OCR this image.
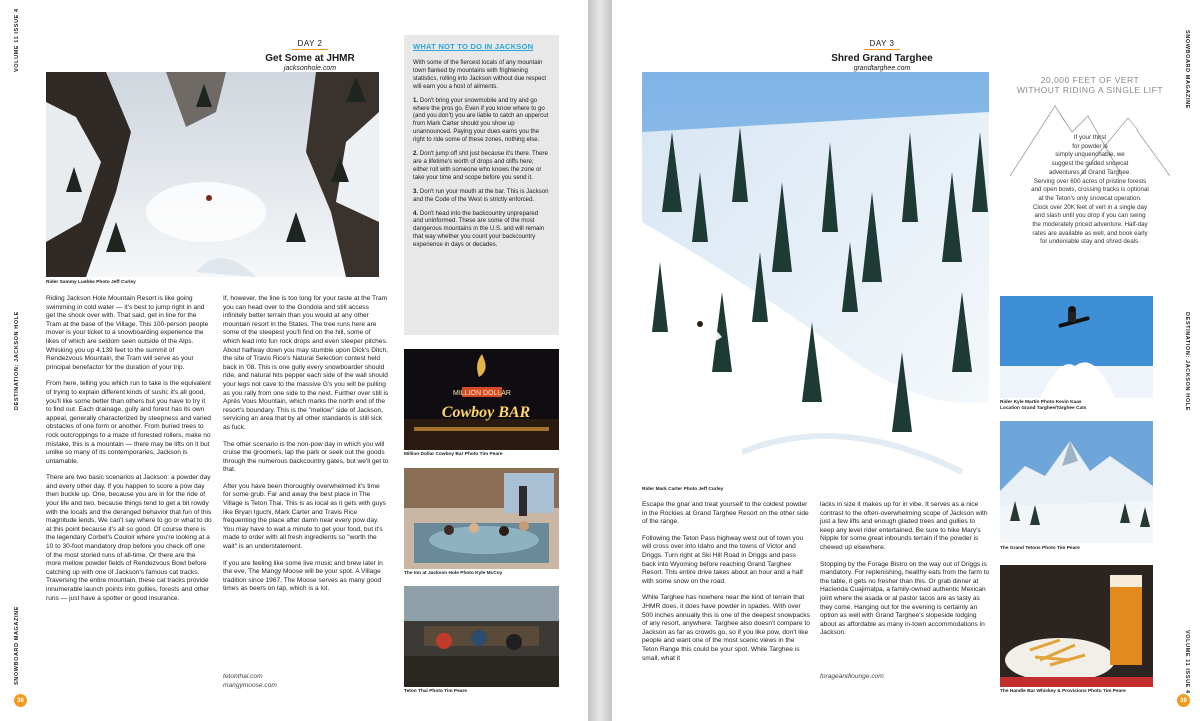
VOLUME 11 ISSUE 4
DESTINATION: JACKSON HOLE
SNOWBOARD MAGAZINE
38
DAY 2
Get Some at JHMR
jacksonhole.com
Rider Sammy Luebke Photo Jeff Curley

Riding Jackson Hole Mountain Resort is like going swimming in cold water — it's best to jump right in and get the shock over with. That said, get in line for the Tram at the base of the Village. This 100-person people mover is your ticket to a snowboarding experience the likes of which are seldom seen outside of the Alps. Whisking you up 4,139 feet to the summit of Rendezvous Mountain, the Tram will serve as your principal benefactor for the duration of your trip.

From here, telling you which run to take is the equivalent of trying to explain different kinds of sushi; it's all good, you'll like some better than others but you have to try it to find out. Each drainage, gully and forest has its own appeal, generally characterized by steepness and varied obstacles of one form or another. From buried trees to rock outcroppings to a maze of forested rollers, make no mistake, this is a mountain — there may be lifts on it but unlike so many of its contemporaries, Jackson is untamable.

There are two basic scenarios at Jackson: a powder day and every other day. If you happen to score a pow day then buckle up. One, because you are in for the ride of your life and two, because things tend to get a bit rowdy with the locals and the deranged behavior that fun of this magnitude lends. We can't say where to go or what to do at this point because it's all so good. Of course there is the legendary Corbet's Couloir where you're looking at a 10 to 30-foot mandatory drop before you check off one of the most storied runs of all-time. Or there are the more mellow powder fields of Rendezvous Bowl before catching up with one of Jackson's famous cat tracks. Traversing the entire mountain, these cat tracks provide innumerable launch points into gullies, forests and other runs — just have a spotter or good insurance.

If, however, the line is too long for your taste at the Tram you can head over to the Gondola and still access infinitely better terrain than you would at any other mountain resort in the States. The tree runs here are some of the steepest you'll find on the hill, some of which lead into fun rock drops and even steeper pitches. About halfway down you may stumble upon Dick's Ditch, the site of Travis Rice's Natural Selection contest held back in '08. This is one gully every snowboarder should ride, and natural hits pepper each side of the wall should your legs not cave to the massive G's you will be pulling as you rally from one side to the next. Further over still is Après Vous Mountain, which marks the north end of the resort's boundary. This is the "mellow" side of Jackson, servicing an area that by all other standards is still sick as fuck.

The other scenario is the non-pow day in which you will cruise the groomers, lap the park or seek out the goods through the numerous backcountry gates, but we'll get to that.

After you have been thoroughly overwhelmed it's time for some grub. Far and away the best place in The Village is Teton Thai. This is as local as it gets with guys like Bryan Iguchi, Mark Carter and Travis Rice frequenting the place after damn near every pow day. You may have to wait a minute to get your food, but it's made to order with all fresh ingredients so "worth the wait" is an understatement.

If you are feeling like some live music and brew later in the eve, The Mangy Moose will be your spot. A Village tradition since 1967, The Moose serves as many good times as beers on tap, which is a lot.

tetonthai.com
mangymoose.com
WHAT NOT TO DO IN JACKSON

With some of the fiercest locals of any mountain town flanked by mountains with frightening statistics, rolling into Jackson without due respect will earn you a host of ailments.

1. Don't bring your snowmobile and try and go where the pros go. Even if you know where to go (and you don't) you are liable to catch an uppercut from Mark Carter should you show up unannounced. Paying your dues earns you the right to ride some of these zones, nothing else.

2. Don't jump off shit just because it's there. There are a lifetime's worth of drops and cliffs here; either roll with someone who knows the zone or take your time and scope before you send it.

3. Don't run your mouth at the bar. This is Jackson and the Code of the West is strictly enforced.

4. Don't head into the backcountry unprepared and uninformed. These are some of the most dangerous mountains in the U.S. and will remain that way whether you count your backcountry experience in days or decades.

MILLION DOLLAR
Cowboy BAR
Million Dollar Cowboy Bar Photo Tim Peare
The Inn at Jackson Hole Photo Kyle McCoy
Teton Thai Photo Tim Peare
SNOWBOARD MAGAZINE
DESTINATION: JACKSON HOLE
VOLUME 11 ISSUE 4
39
DAY 3
Shred Grand Targhee
grandtarghee.com
Rider Mark Carter Photo Jeff Curley

Escape the gnar and treat yourself to the coldest powder in the Rockies at Grand Targhee Resort on the other side of the range.

Following the Teton Pass highway west out of town you will cross over into Idaho and the towns of Victor and Driggs. Turn right at Ski Hill Road in Driggs and pass back into Wyoming before reaching Grand Targhee Resort. This entire drive takes about an hour and a half with some snow on the road.

While Targhee has nowhere near the kind of terrain that JHMR does, it does have powder in spades. With over 500 inches annually this is one of the deepest snowpacks of any resort, anywhere. Targhee also doesn't compare to Jackson as far as crowds go, so if you like pow, don't like people and want one of the most scenic views in the Teton Range this could be your spot. While Targhee is small, what it

lacks in size it makes up for in vibe. It serves as a nice contrast to the often-overwhelming scope of Jackson with just a few lifts and enough gladed trees and gullies to keep any level rider entertained. Be sure to hike Mary's Nipple for some great inbounds terrain if the powder is chewed up elsewhere.

Stopping by the Forage Bistro on the way out of Driggs is mandatory. For replenishing, healthy eats from the farm to the table, it gets no fresher than this. Or grab dinner at Hacienda Cuajimalpa, a family-owned authentic Mexican joint where the asada or al pastor tacos are as tasty as they come. Hanging out for the evening is certainly an option as well with Grand Targhee's slopeside lodging about as affordable as many in-town accommodations in Jackson.

forageandlounge.com
20,000 FEET OF VERT
WITHOUT RIDING A SINGLE LIFT
If your thirst
for powder is
simply unquenchable, we
suggest the guided snowcat
adventures at Grand Targhee.
Serving over 600 acres of pristine forests
and open bowls, crossing tracks is optional
at the Teton's only snowcat operation.
Clock over 20K feet of vert in a single day
and slash until you drop if you can swing
the moderately priced adventure. Half-day
rates are available as well, and book early
for undeniable stay and shred deals.
Rider Kyle Martin Photo Kevin Kaas
Location Grand Targhee/Targhee Cats
The Grand Tetons Photo Tim Peare
The Handle Bar Whiskey & Provisions Photo Tim Peare
